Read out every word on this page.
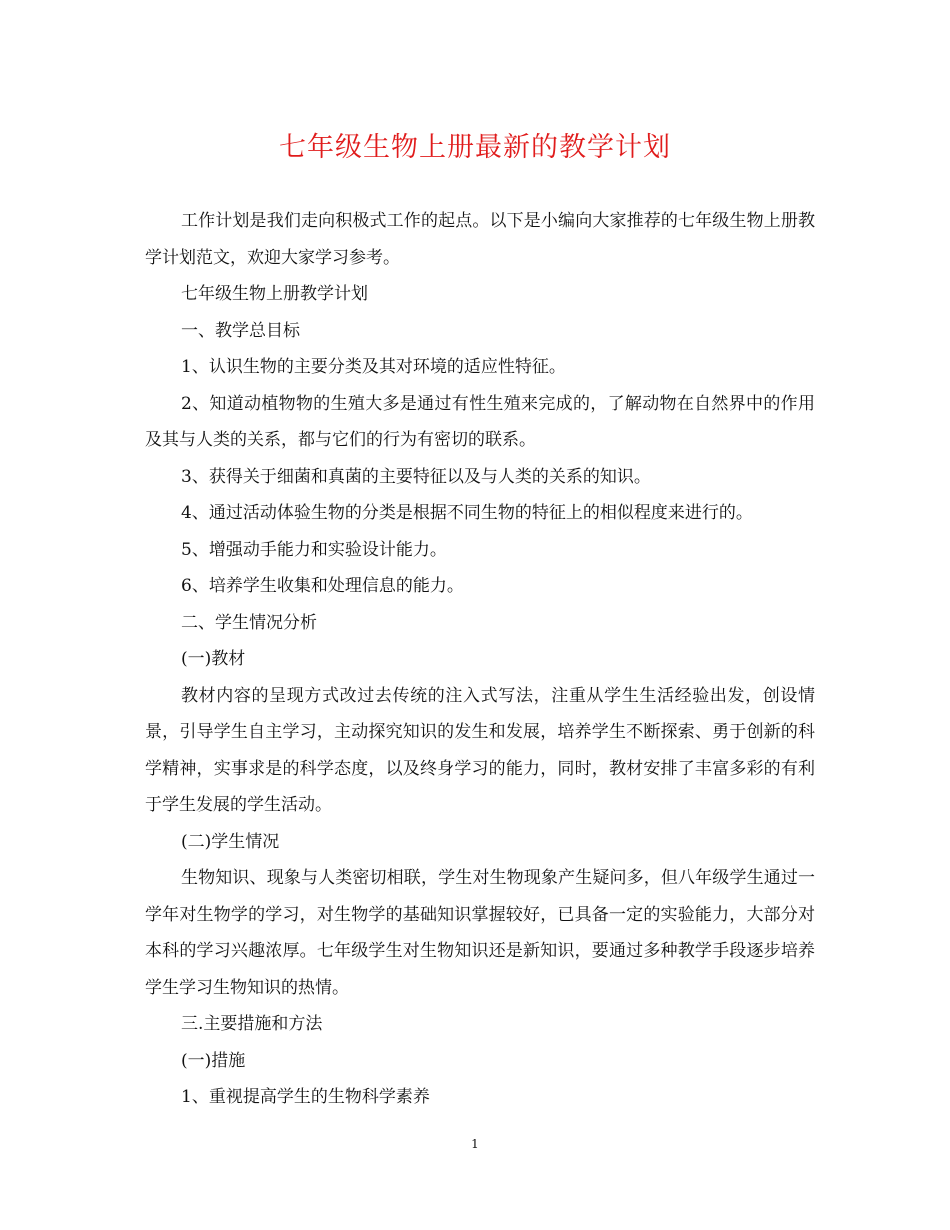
七年级生物上册最新的教学计划

工作计划是我们走向积极式工作的起点。以下是小编向大家推荐的七年级生物上册教学计划范文，欢迎大家学习参考。

七年级生物上册教学计划

一、教学总目标

1、认识生物的主要分类及其对环境的适应性特征。

2、知道动植物物的生殖大多是通过有性生殖来完成的，了解动物在自然界中的作用及其与人类的关系，都与它们的行为有密切的联系。

3、获得关于细菌和真菌的主要特征以及与人类的关系的知识。

4、通过活动体验生物的分类是根据不同生物的特征上的相似程度来进行的。

5、增强动手能力和实验设计能力。

6、培养学生收集和处理信息的能力。

二、学生情况分析

(一)教材

教材内容的呈现方式改过去传统的注入式写法，注重从学生生活经验出发，创设情景，引导学生自主学习，主动探究知识的发生和发展，培养学生不断探索、勇于创新的科学精神，实事求是的科学态度，以及终身学习的能力，同时，教材安排了丰富多彩的有利于学生发展的学生活动。

(二)学生情况

生物知识、现象与人类密切相联，学生对生物现象产生疑问多，但八年级学生通过一学年对生物学的学习，对生物学的基础知识掌握较好，已具备一定的实验能力，大部分对本科的学习兴趣浓厚。七年级学生对生物知识还是新知识，要通过多种教学手段逐步培养学生学习生物知识的热情。

三.主要措施和方法

(一)措施

1、重视提高学生的生物科学素养

1
